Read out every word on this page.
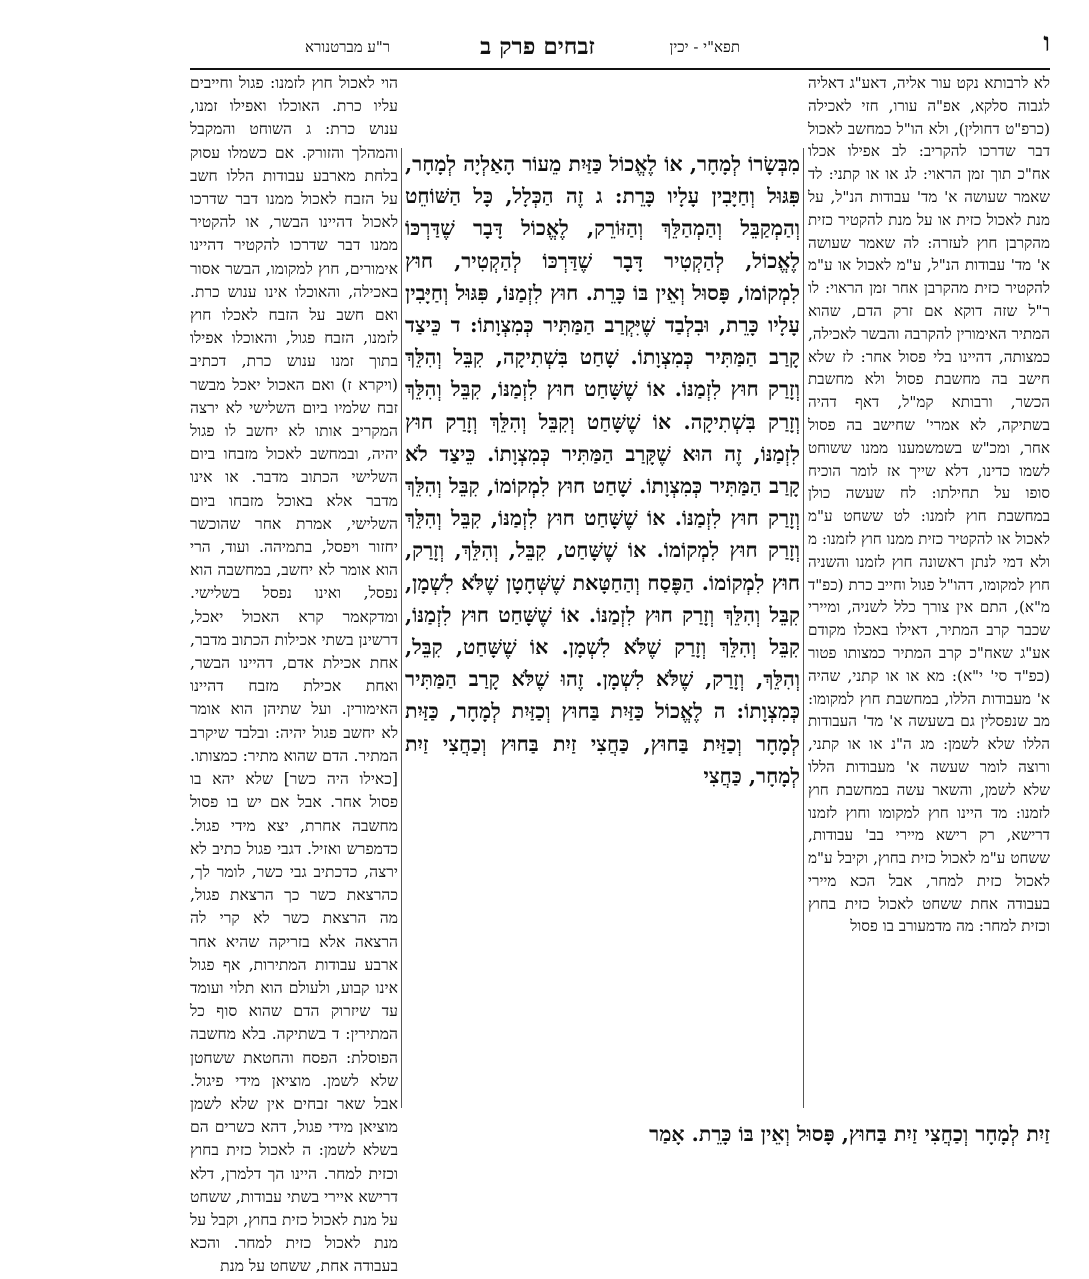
ו
תפא"י - יכין
זבחים פרק ב
ר"ע מברטנורא

לא לרבותא נקט עור אליה, דאע"ג דאליה לגבוה סלקא, אפ"ה עורו, חזי לאכילה (כרפ"ט דחולין), ולא הו"ל כמחשב לאכול דבר שדרכו להקריב: לב אפילו אכלו אח"כ תוך זמן הראוי: לג או או קתני: לד שאמר שעושה א' מד' עבודות הנ"ל, על מנת לאכול כזית או על מנת להקטיר כזית מהקרבן חוץ לעזרה: לה שאמר שעושה א' מד' עבודות הנ"ל, ע"מ לאכול או ע"מ להקטיר כזית מהקרבן אחר זמן הראוי: לו ר"ל שזה דוקא אם זרק הדם, שהוא המתיר האימורין להקרבה והבשר לאכילה, כמצותה, דהיינו בלי פסול אחר: לז שלא חישב בה מחשבת פסול ולא מחשבת הכשר, ורבותא קמ"ל, דאף דהיה בשתיקה, לא אמרי' שחישב בה פסול אחר, ומכ"ש בשמשמענו ממנו ששוחט לשמו כדינו, דלא שייך אז לומר הוכיח סופו על תחילתו: לח שעשה כולן במחשבת חוץ לזמנו: לט ששחט ע"מ לאכול או להקטיר כזית ממנו חוץ לזמנו: מ ולא דמי לנתן ראשונה חוץ לזמנו והשניה חוץ למקומו, דהו"ל פגול וחייב כרת (כפ"ד מ"א), התם אין צורך כלל לשניה, ומיירי שכבר קרב המתיר, דאילו באכלו מקודם אע"ג שאח"כ קרב המתיר כמצותו פטור (כפ"ד סי' י"א): מא או או קתני, שהיה א' מעבודות הללו, במחשבת חוץ למקומו: מב שנפסלין גם בשעשה א' מד' העבודות הללו שלא לשמן: מג ה"נ או או קתני, ורוצה לומר שעשה א' מעבודות הללו שלא לשמן, והשאר עשה במחשבת חוץ לזמנו: מד היינו חוץ למקומו וחוץ לזמנו דרישא, רק רישא מיירי בב' עבודות, ששחט ע"מ לאכול כזית בחוץ, וקיבל ע"מ לאכול כזית למחר, אבל הכא מיירי בעבודה אחת ששחט לאכול כזית בחוץ וכזית למחר: מה מדמעורב בו פסול

מִבְּשָׂרוֹ לְמָחָר, אוֹ לֶאֱכוֹל כַּזַּיִת מֵעוֹר הָאַלְיָה לְמָחָר, פִּגּוּל וְחַיָּבִין עָלָיו כָּרֵת: ג זֶה הַכְּלָל, כָּל הַשּׁוֹחֵט וְהַמְקַבֵּל וְהַמְהַלֵּךְ וְהַזּוֹרֵק, לֶאֱכוֹל דָּבָר שֶׁדַּרְכּוֹ לֶאֱכוֹל, לְהַקְטִיר דָּבָר שֶׁדַּרְכּוֹ לְהַקְטִיר, חוּץ לִמְקוֹמוֹ, פָּסוּל וְאֵין בּוֹ כָּרֵת. חוּץ לִזְמַנּוֹ, פִּגּוּל וְחַיָּבִין עָלָיו כָּרֵת, וּבִלְבַד שֶׁיִּקְרַב הַמַּתִּיר כְּמִצְוָתוֹ: ד כֵּיצַד קָרַב הַמַּתִּיר כְּמִצְוָתוֹ. שָׁחַט בִּשְׁתִיקָה, קִבֵּל וְהִלֵּךְ וְזָרַק חוּץ לִזְמַנּוֹ. אוֹ שֶׁשָּׁחַט חוּץ לִזְמַנּוֹ, קִבֵּל וְהִלֵּךְ וְזָרַק בִּשְׁתִיקָה. אוֹ שֶׁשָּׁחַט וְקִבֵּל וְהִלֵּךְ וְזָרַק חוּץ לִזְמַנּוֹ, זֶה הוּא שֶׁקָּרַב הַמַּתִּיר כְּמִצְוָתוֹ. כֵּיצַד לֹא קָרַב הַמַּתִּיר כְּמִצְוָתוֹ. שָׁחַט חוּץ לִמְקוֹמוֹ, קִבֵּל וְהִלֵּךְ וְזָרַק חוּץ לִזְמַנּוֹ. אוֹ שֶׁשָּׁחַט חוּץ לִזְמַנּוֹ, קִבֵּל וְהִלֵּךְ וְזָרַק חוּץ לִמְקוֹמוֹ. אוֹ שֶׁשָּׁחַט, קִבֵּל, וְהִלֵּךְ, וְזָרַק, חוּץ לִמְקוֹמוֹ. הַפֶּסַח וְהַחַטָּאת שֶׁשְּׁחָטָן שֶׁלֹּא לִשְׁמָן, קִבֵּל וְהִלֵּךְ וְזָרַק חוּץ לִזְמַנּוֹ. אוֹ שֶׁשָּׁחַט חוּץ לִזְמַנּוֹ, קִבֵּל וְהִלֵּךְ וְזָרַק שֶׁלֹּא לִשְׁמָן. אוֹ שֶׁשָּׁחַט, קִבֵּל, וְהִלֵּךְ, וְזָרַק, שֶׁלֹּא לִשְׁמָן. זֶהוּ שֶׁלֹּא קָרַב הַמַּתִּיר כְּמִצְוָתוֹ: ה לֶאֱכוֹל כַּזַּיִת בַּחוּץ וְכַזַּיִת לְמָחָר, כַּזַּיִת לְמָחָר וְכַזַּיִת בַּחוּץ, כַּחֲצִי זַיִת בַּחוּץ וְכַחֲצִי זַיִת לְמָחָר, כַּחֲצִי

הוי לאכול חוץ לזמנו: פגול וחייבים עליו כרת. האוכלו ואפילו זמנו, ענוש כרת: ג השוחט והמקבל והמהלך והזורק. אם כשמלו עסוק בלחת מארבע עבודות הללו חשב על הזבח לאכול ממנו דבר שדרכו לאכול דהיינו הבשר, או להקטיר ממנו דבר שדרכו להקטיר דהיינו אימורים, חוץ למקומו, הבשר אסור באכילה, והאוכלו אינו ענוש כרת. ואם חשב על הזבח לאכלו חוץ לזמנו, הזבח פגול, והאוכלו אפילו בתוך זמנו ענוש כרת, דכתיב (ויקרא ז) ואם האכול יאכל מבשר זבח שלמיו ביום השלישי לא ירצה המקריב אותו לא יחשב לו פגול יהיה, ובמחשב לאכול מזבחו ביום השלישי הכתוב מדבר. או אינו מדבר אלא באוכל מזבחו ביום השלישי, אמרת אחר שהוכשר יחזור ויפסל, בתמיהה. ועוד, הרי הוא אומר לא יחשב, במחשבה הוא נפסל, ואינו נפסל בשלישי. ומדקאמר קרא האכול יאכל, דרשינן בשתי אכילות הכתוב מדבר, אחת אכילת אדם, דהיינו הבשר, ואחת אכילת מזבח דהיינו האימורין. ועל שתיהן הוא אומר לא יחשב פגול יהיה: ובלבד שיקרב המתיר. הדם שהוא מתיר: כמצותו. [כאילו היה כשר] שלא יהא בו פסול אחר. אבל אם יש בו פסול מחשבה אחרת, יצא מידי פגול. כדמפרש ואזיל. דגבי פגול כתיב לא ירצה, כדכתיב גבי כשר, לומר לך, כהרצאת כשר כך הרצאת פגול, מה הרצאת כשר לא קרי לה הרצאה אלא בזריקה שהיא אחר ארבע עבודות המתירות, אף פגול אינו קבוע, ולעולם הוא תלוי ועומד עד שיזרוק הדם שהוא סוף כל המתירין: ד בשתיקה. בלא מחשבה הפוסלת: הפסח והחטאת ששחטן שלא לשמן. מוציאן מידי פיגול. אבל שאר זבחים אין שלא לשמן מוציאן מידי פגול, דהא כשרים הם בשלא לשמן: ה לאכול כזית בחוץ וכזית למחר. היינו הך דלמרן, דלא דרישא איירי בשתי עבודות, ששחט על מנת לאכול כזית בחוץ, וקבל על מנת לאכול כזית למחר. והכא בעבודה אחת, ששחט על מנת

זַיִת לְמָחָר וְכַחֲצִי זַיִת בַּחוּץ, פָּסוּל וְאֵין בּוֹ כָּרֵת. אָמַר
